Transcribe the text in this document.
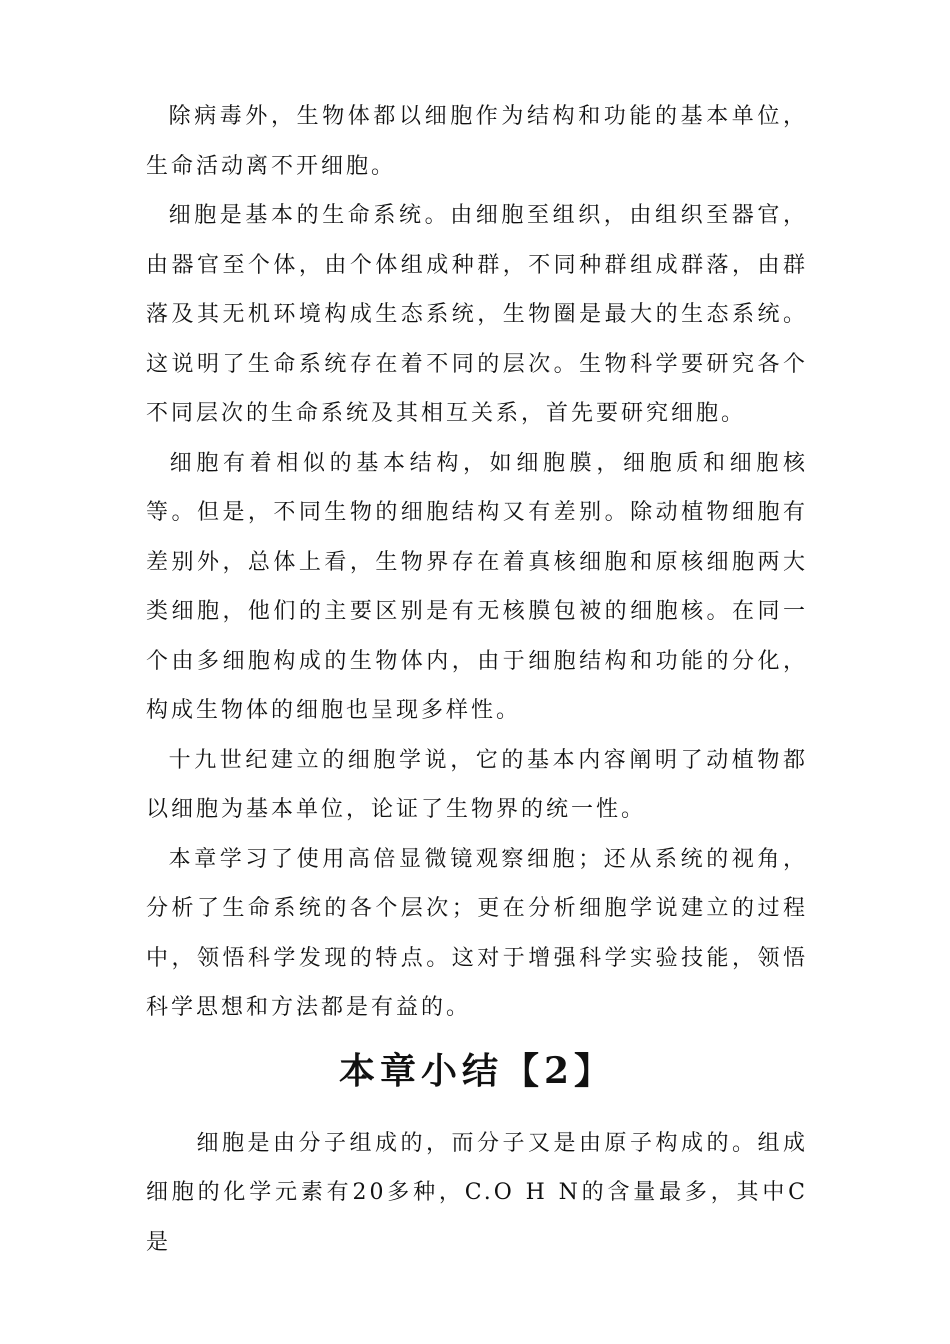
除病毒外，生物体都以细胞作为结构和功能的基本单位，生命活动离不开细胞。

细胞是基本的生命系统。由细胞至组织，由组织至器官，由器官至个体，由个体组成种群，不同种群组成群落，由群落及其无机环境构成生态系统，生物圈是最大的生态系统。这说明了生命系统存在着不同的层次。生物科学要研究各个不同层次的生命系统及其相互关系，首先要研究细胞。

细胞有着相似的基本结构，如细胞膜，细胞质和细胞核等。但是，不同生物的细胞结构又有差别。除动植物细胞有差别外，总体上看，生物界存在着真核细胞和原核细胞两大类细胞，他们的主要区别是有无核膜包被的细胞核。在同一个由多细胞构成的生物体内，由于细胞结构和功能的分化，构成生物体的细胞也呈现多样性。

十九世纪建立的细胞学说，它的基本内容阐明了动植物都以细胞为基本单位，论证了生物界的统一性。

本章学习了使用高倍显微镜观察细胞；还从系统的视角，分析了生命系统的各个层次；更在分析细胞学说建立的过程中，领悟科学发现的特点。这对于增强科学实验技能，领悟科学思想和方法都是有益的。

本章小结【2】

细胞是由分子组成的，而分子又是由原子构成的。组成细胞的化学元素有20多种，C.O H N的含量最多，其中C是
